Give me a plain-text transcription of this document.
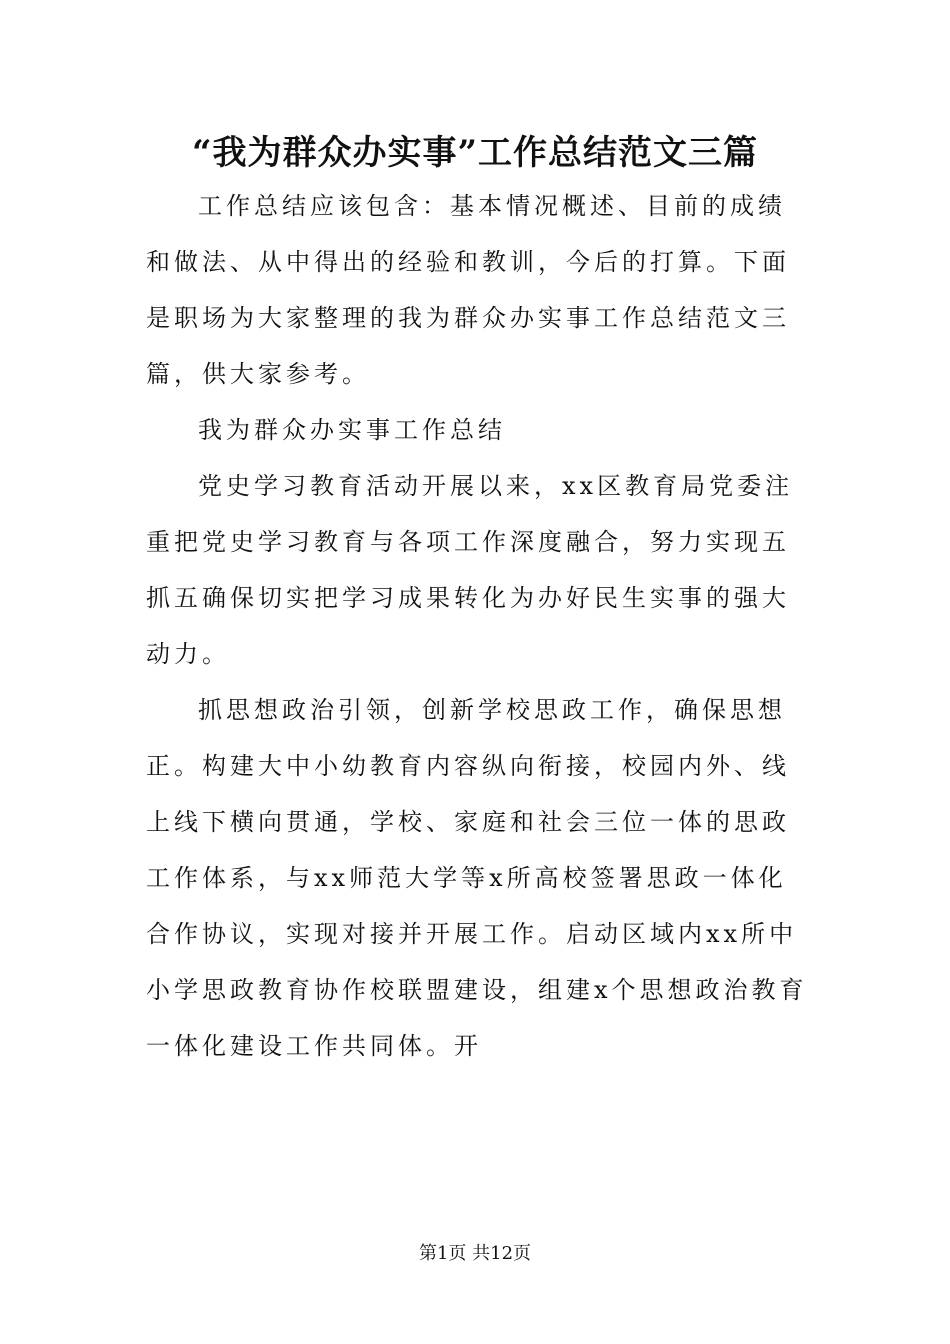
“我为群众办实事”工作总结范文三篇

工作总结应该包含：基本情况概述、目前的成绩和做法、从中得出的经验和教训，今后的打算。下面是职场为大家整理的我为群众办实事工作总结范文三篇，供大家参考。

我为群众办实事工作总结

党史学习教育活动开展以来，xx区教育局党委注重把党史学习教育与各项工作深度融合，努力实现五抓五确保切实把学习成果转化为办好民生实事的强大动力。

抓思想政治引领，创新学校思政工作，确保思想正。构建大中小幼教育内容纵向衔接，校园内外、线上线下横向贯通，学校、家庭和社会三位一体的思政工作体系，与xx师范大学等x所高校签署思政一体化合作协议，实现对接并开展工作。启动区域内xx所中小学思政教育协作校联盟建设，组建x个思想政治教育一体化建设工作共同体。开

第1页 共12页
